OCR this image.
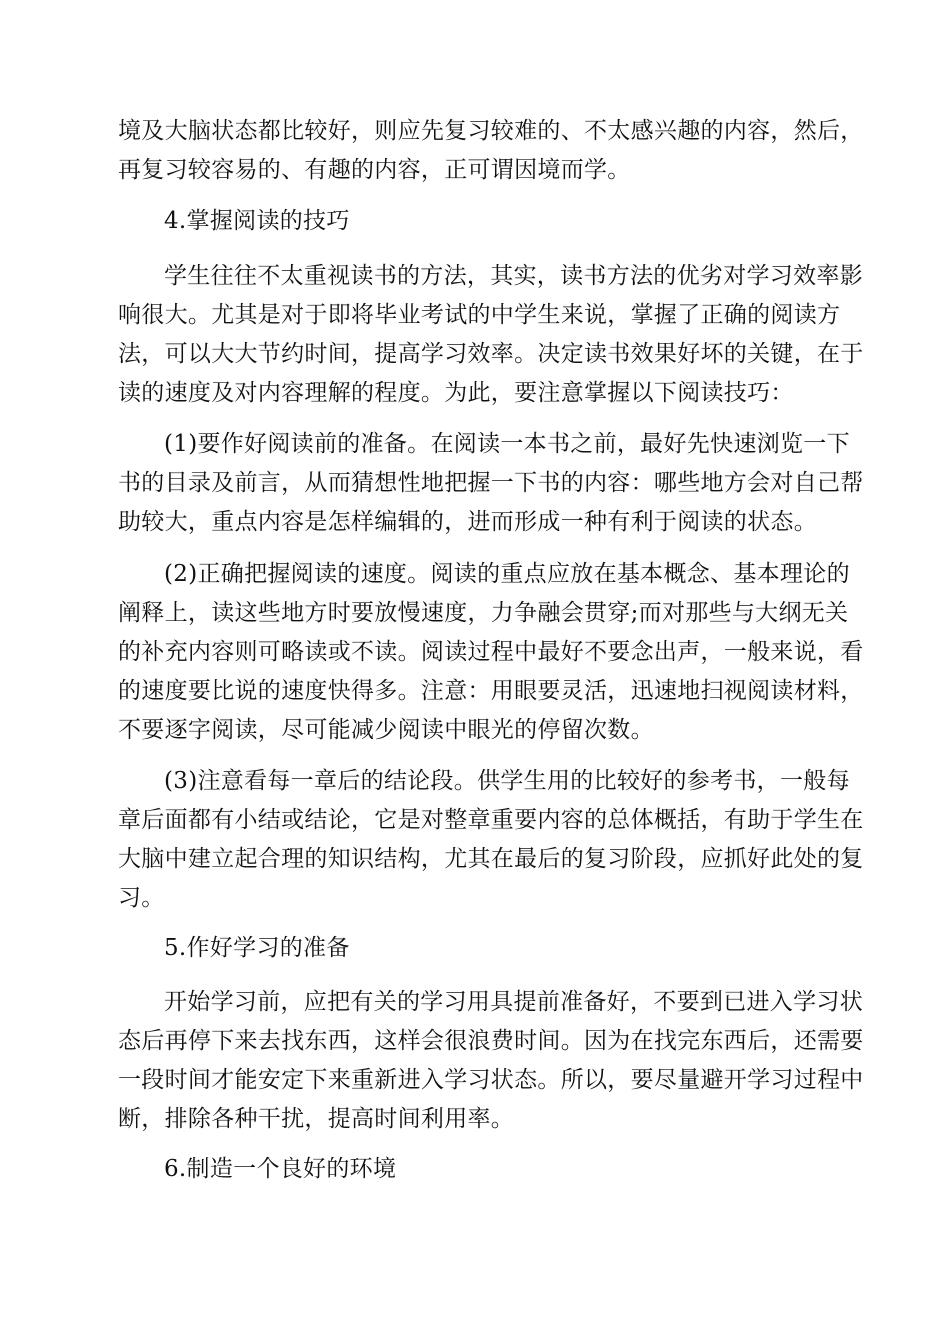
境及大脑状态都比较好，则应先复习较难的、不太感兴趣的内容，然后，
再复习较容易的、有趣的内容，正可谓因境而学。
4.掌握阅读的技巧
学生往往不太重视读书的方法，其实，读书方法的优劣对学习效率影
响很大。尤其是对于即将毕业考试的中学生来说，掌握了正确的阅读方
法，可以大大节约时间，提高学习效率。决定读书效果好坏的关键，在于
读的速度及对内容理解的程度。为此，要注意掌握以下阅读技巧：
(1)要作好阅读前的准备。在阅读一本书之前，最好先快速浏览一下
书的目录及前言，从而猜想性地把握一下书的内容：哪些地方会对自己帮
助较大，重点内容是怎样编辑的，进而形成一种有利于阅读的状态。
(2)正确把握阅读的速度。阅读的重点应放在基本概念、基本理论的
阐释上，读这些地方时要放慢速度，力争融会贯穿;而对那些与大纲无关
的补充内容则可略读或不读。阅读过程中最好不要念出声，一般来说，看
的速度要比说的速度快得多。注意：用眼要灵活，迅速地扫视阅读材料，
不要逐字阅读，尽可能减少阅读中眼光的停留次数。
(3)注意看每一章后的结论段。供学生用的比较好的参考书，一般每
章后面都有小结或结论，它是对整章重要内容的总体概括，有助于学生在
大脑中建立起合理的知识结构，尤其在最后的复习阶段，应抓好此处的复
习。
5.作好学习的准备
开始学习前，应把有关的学习用具提前准备好，不要到已进入学习状
态后再停下来去找东西，这样会很浪费时间。因为在找完东西后，还需要
一段时间才能安定下来重新进入学习状态。所以，要尽量避开学习过程中
断，排除各种干扰，提高时间利用率。
6.制造一个良好的环境
